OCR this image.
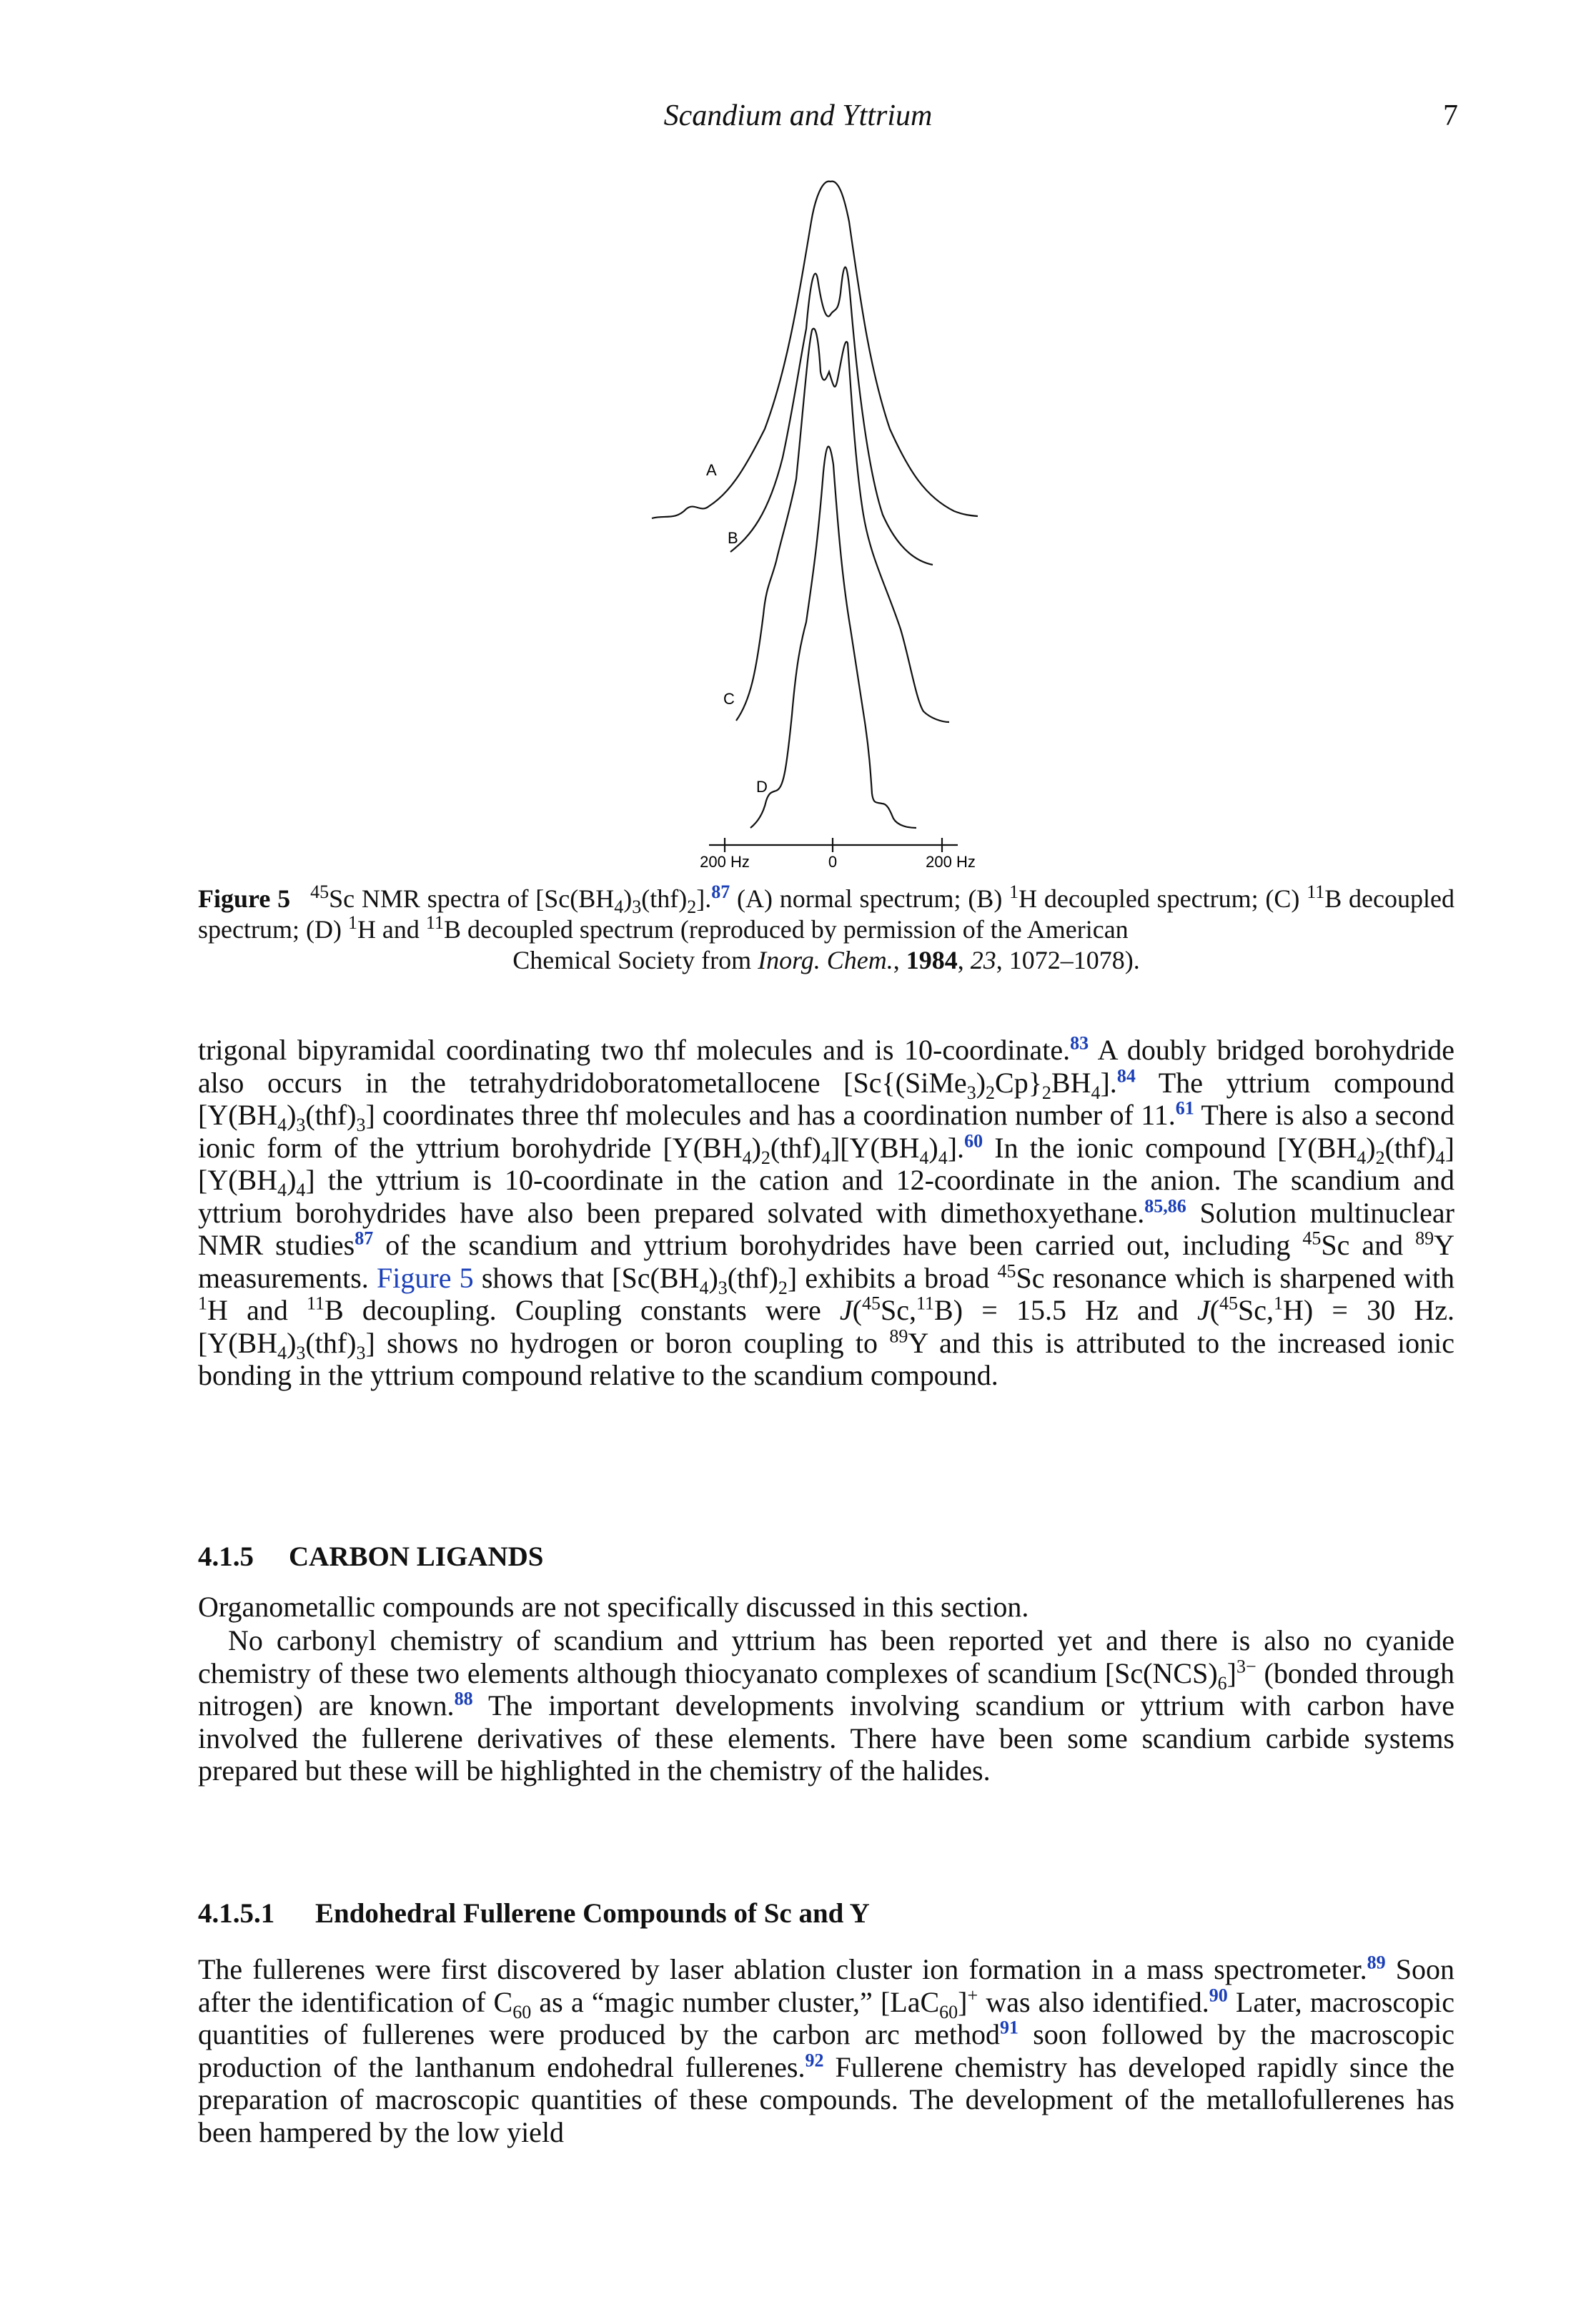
Scandium and Yttrium	7
A
B
C
D
200 Hz	0	200 Hz
Figure 5 $^{45}$Sc NMR spectra of $[Sc(BH_4)_3(thf)_2].^{87}$ (A) normal spectrum; (B) $^1$H decoupled spectrum; (C) $^{11}$B decoupled spectrum; (D) $^1$H and $^{11}$B decoupled spectrum (reproduced by permission of the American
Chemical Society from Inorg. Chem., 1984, 23, 1072–1078).
trigonal bipyramidal coordinating two thf molecules and is 10-coordinate.$^{83}$ A doubly bridged borohydride also occurs in the tetrahydridoboratometallocene $[Sc\{(SiMe_3)_2Cp\}_2BH_4].^{84}$ The yttrium compound $[Y(BH_4)_3(thf)_3]$ coordinates three thf molecules and has a coordination number of 11.61 There is also a second ionic form of the yttrium borohydride $[Y(BH_4)_2(thf)_4][Y(BH_4)_4].^{60}$ In the ionic compound $[Y(BH_4)_2(thf)_4][Y(BH_4)_4]$ the yttrium is 10-coordinate in the cation and 12-coordinate in the anion. The scandium and yttrium borohydrides have also been prepared solvated with dimethoxyethane.$^{85,86}$ Solution multinuclear NMR studies$^{87}$ of the scandium and yttrium borohydrides have been carried out, including $^{45}$Sc and $^{89}$Y measurements. Figure 5 shows that $[Sc(BH_4)_3(thf)_2]$ exhibits a broad $^{45}$Sc resonance which is sharpened with $^1$H and $^{11}$B decoupling. Coupling constants were J($^{45}$Sc,$^{11}$B) = 15.5 Hz and J($^{45}$Sc,$^1$H) = 30 Hz. $[Y(BH_4)_3(thf)_3]$ shows no hydrogen or boron coupling to $^{89}$Y and this is attributed to the increased ionic bonding in the yttrium compound relative to the scandium compound.
4.1.5 CARBON LIGANDS
Organometallic compounds are not specifically discussed in this section.
No carbonyl chemistry of scandium and yttrium has been reported yet and there is also no cyanide chemistry of these two elements although thiocyanato complexes of scandium $[Sc(NCS)_6]^{3-}$ (bonded through nitrogen) are known.$^{88}$ The important developments involving scandium or yttrium with carbon have involved the fullerene derivatives of these elements. There have been some scandium carbide systems prepared but these will be highlighted in the chemistry of the halides.
4.1.5.1 Endohedral Fullerene Compounds of Sc and Y
The fullerenes were first discovered by laser ablation cluster ion formation in a mass spectrometer.$^{89}$ Soon after the identification of $C_{60}$ as a “magic number cluster,” [LaC$_{60}$]+ was also identified.$^{90}$ Later, macroscopic quantities of fullerenes were produced by the carbon arc method$^{91}$ soon followed by the macroscopic production of the lanthanum endohedral fullerenes.$^{92}$ Fullerene chemistry has developed rapidly since the preparation of macroscopic quantities of these compounds. The development of the metallofullerenes has been hampered by the low yield
